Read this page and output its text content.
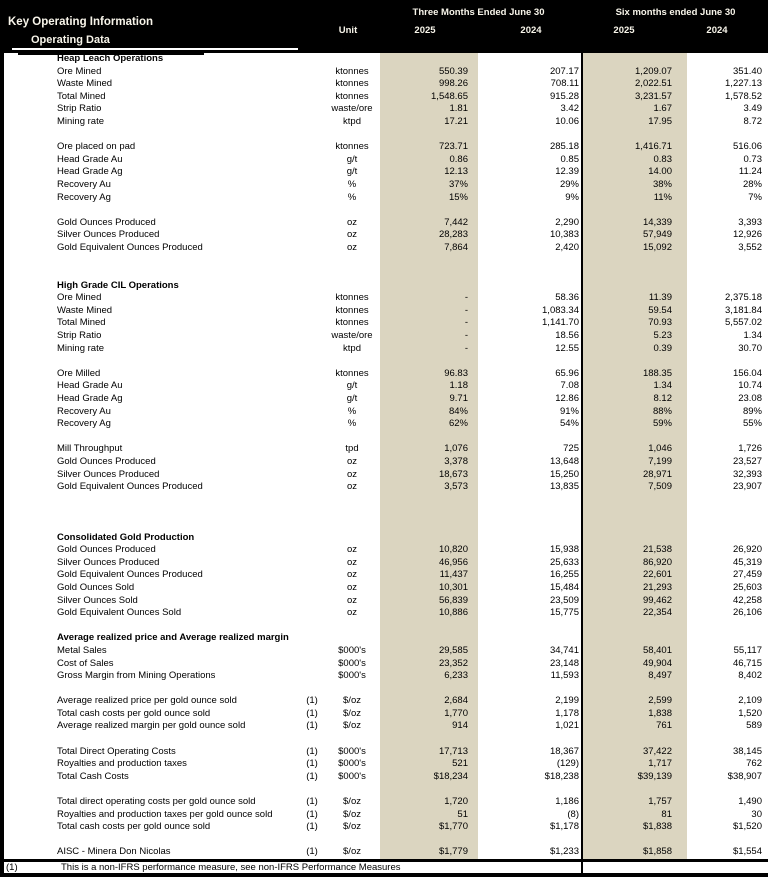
Key Operating Information
Operating Data
Unit
Three Months Ended June 30	Six months ended June 30
2025	2024	2025	2024
Heap Leach Operations
Ore Mined	ktonnes	550.39	207.17	1,209.07	351.40
Waste Mined	ktonnes	998.26	708.11	2,022.51	1,227.13
Total Mined	ktonnes	1,548.65	915.28	3,231.57	1,578.52
Strip Ratio	waste/ore	1.81	3.42	1.67	3.49
Mining rate	ktpd	17.21	10.06	17.95	8.72
Ore placed on pad	ktonnes	723.71	285.18	1,416.71	516.06
Head Grade Au	g/t	0.86	0.85	0.83	0.73
Head Grade Ag	g/t	12.13	12.39	14.00	11.24
Recovery Au	%	37%	29%	38%	28%
Recovery Ag	%	15%	9%	11%	7%
Gold Ounces Produced	oz	7,442	2,290	14,339	3,393
Silver Ounces Produced	oz	28,283	10,383	57,949	12,926
Gold Equivalent Ounces Produced	oz	7,864	2,420	15,092	3,552
High Grade CIL Operations
Ore Mined	ktonnes	-	58.36	11.39	2,375.18
Waste Mined	ktonnes	-	1,083.34	59.54	3,181.84
Total Mined	ktonnes	-	1,141.70	70.93	5,557.02
Strip Ratio	waste/ore	-	18.56	5.23	1.34
Mining rate	ktpd	-	12.55	0.39	30.70
Ore Milled	ktonnes	96.83	65.96	188.35	156.04
Head Grade Au	g/t	1.18	7.08	1.34	10.74
Head Grade Ag	g/t	9.71	12.86	8.12	23.08
Recovery Au	%	84%	91%	88%	89%
Recovery Ag	%	62%	54%	59%	55%
Mill Throughput	tpd	1,076	725	1,046	1,726
Gold Ounces Produced	oz	3,378	13,648	7,199	23,527
Silver Ounces Produced	oz	18,673	15,250	28,971	32,393
Gold Equivalent Ounces Produced	oz	3,573	13,835	7,509	23,907
Consolidated Gold Production
Gold Ounces Produced	oz	10,820	15,938	21,538	26,920
Silver Ounces Produced	oz	46,956	25,633	86,920	45,319
Gold Equivalent Ounces Produced	oz	11,437	16,255	22,601	27,459
Gold Ounces Sold	oz	10,301	15,484	21,293	25,603
Silver Ounces Sold	oz	56,839	23,509	99,462	42,258
Gold Equivalent Ounces Sold	oz	10,886	15,775	22,354	26,106
Average realized price and Average realized margin
Metal Sales	$000's	29,585	34,741	58,401	55,117
Cost of Sales	$000's	23,352	23,148	49,904	46,715
Gross Margin from Mining Operations	$000's	6,233	11,593	8,497	8,402
Average realized price per gold ounce sold	(1)	$/oz	2,684	2,199	2,599	2,109
Total cash costs per gold ounce sold	(1)	$/oz	1,770	1,178	1,838	1,520
Average realized margin per gold ounce sold	(1)	$/oz	914	1,021	761	589
Total Direct Operating Costs	(1)	$000's	17,713	18,367	37,422	38,145
Royalties and production taxes	(1)	$000's	521	(129)	1,717	762
Total Cash Costs	(1)	$000's	$18,234	$18,238	$39,139	$38,907
Total direct operating costs per gold ounce sold	(1)	$/oz	1,720	1,186	1,757	1,490
Royalties and production taxes per gold ounce sold	(1)	$/oz	51	(8)	81	30
Total cash costs per gold ounce sold	(1)	$/oz	$1,770	$1,178	$1,838	$1,520
AISC - Minera Don Nicolas	(1)	$/oz	$1,779	$1,233	$1,858	$1,554
(1)	This is a non-IFRS performance measure, see non-IFRS Performance Measures
